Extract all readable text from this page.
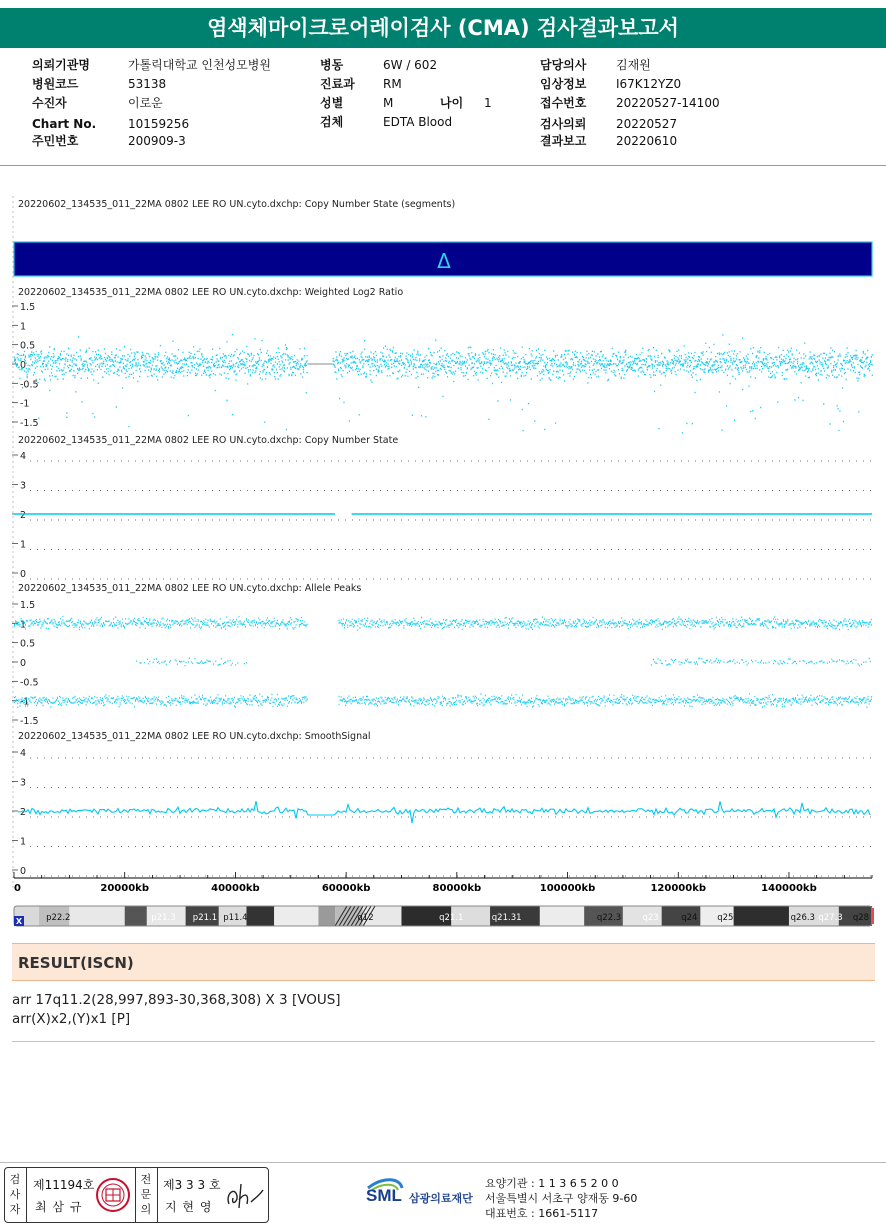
염색체마이크로어레이검사 (CMA) 검사결과보고서
의뢰기관명	가톨릭대학교 인천성모병원
병원코드	53138
수진자	이로운
Chart No.	10159256
주민번호	200909-3
병동	6W / 602
진료과 RM
성별	M	나이 1
검체	EDTA Blood
담당의사 김재원
임상정보 I67K12YZ0
접수번호 20220527-14100
검사의뢰 20220527
결과보고 20220610
20220602_134535_011_22MA 0802 LEE RO UN.cyto.dxchp: Copy Number State (segments)
20220602_134535_011_22MA 0802 LEE RO UN.cyto.dxchp: Weighted Log2 Ratio
20220602_134535_011_22MA 0802 LEE RO UN.cyto.dxchp: Copy Number State
20220602_134535_011_22MA 0802 LEE RO UN.cyto.dxchp: Allele Peaks
20220602_134535_011_22MA 0802 LEE RO UN.cyto.dxchp: SmoothSignal
Δ
1.5
1
0.5
0
-0.5
-1
-1.5
4
3
2
1
0
1.5
1
0.5
0
-0.5
-1
-1.5
4
3
2
1
0
0	20000kb	40000kb	60000kb	80000kb	100000kb	120000kb	140000kb
p22.2	p21.3 p21.1 p11.4	q12	q21.1	q21.31	q22.3 q23	q24 q25	q26.3 q27.3 q28
X
RESULT(ISCN)
arr 17q11.2(28,997,893-30,368,308) X 3 [VOUS]
arr(X)x2,(Y)x1 [P]
검사자
제11194호
최 삼 규
전문의
제3 3 3 호
지 현 영
SML 삼광의료재단
요양기관 : 1 1 3 6 5 2 0 0
서울특별시 서초구 양재동 9-60
대표번호 : 1661-5117
